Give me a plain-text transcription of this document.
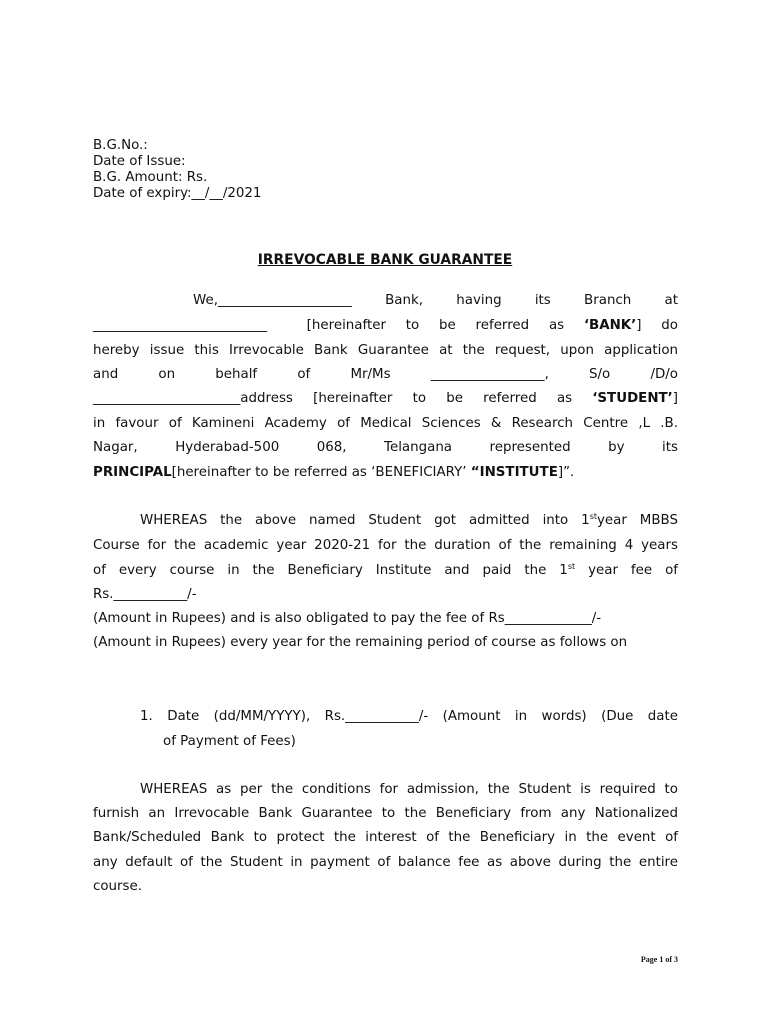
B.G.No.:
Date of Issue:
B.G. Amount: Rs.
Date of expiry:__/__/2021
IRREVOCABLE BANK GUARANTEE
We,____________________  Bank,  having  its  Branch  at
__________________________  [hereinafter to be referred as ‘BANK’] do
hereby issue this Irrevocable Bank Guarantee at the request, upon application
and  on  behalf  of  Mr/Ms  _________________,  S/o  /D/o
______________________address [hereinafter to be referred as ‘STUDENT’]
in favour of Kamineni Academy of Medical Sciences & Research Centre ,L .B.
Nagar,  Hyderabad-500  068,  Telangana  represented  by  its
PRINCIPAL[hereinafter to be referred as ‘BENEFICIARY’ “INSTITUTE]”.
WHEREAS the above named Student got admitted into 1styear MBBS
Course for the academic year 2020-21 for the duration of the remaining 4 years
of every course in the Beneficiary Institute and paid the 1st year fee of
Rs.___________/-
(Amount in Rupees) and is also obligated to pay the fee of Rs_____________/-
(Amount in Rupees) every year for the remaining period of course as follows on
1. Date (dd/MM/YYYY), Rs.___________/- (Amount in words) (Due date
of Payment of Fees)
WHEREAS as per the conditions for admission, the Student is required to
furnish an Irrevocable Bank Guarantee to the Beneficiary from any Nationalized
Bank/Scheduled Bank to protect the interest of the Beneficiary in the event of
any default of the Student in payment of balance fee as above during the entire
course.
Page 1 of 3
